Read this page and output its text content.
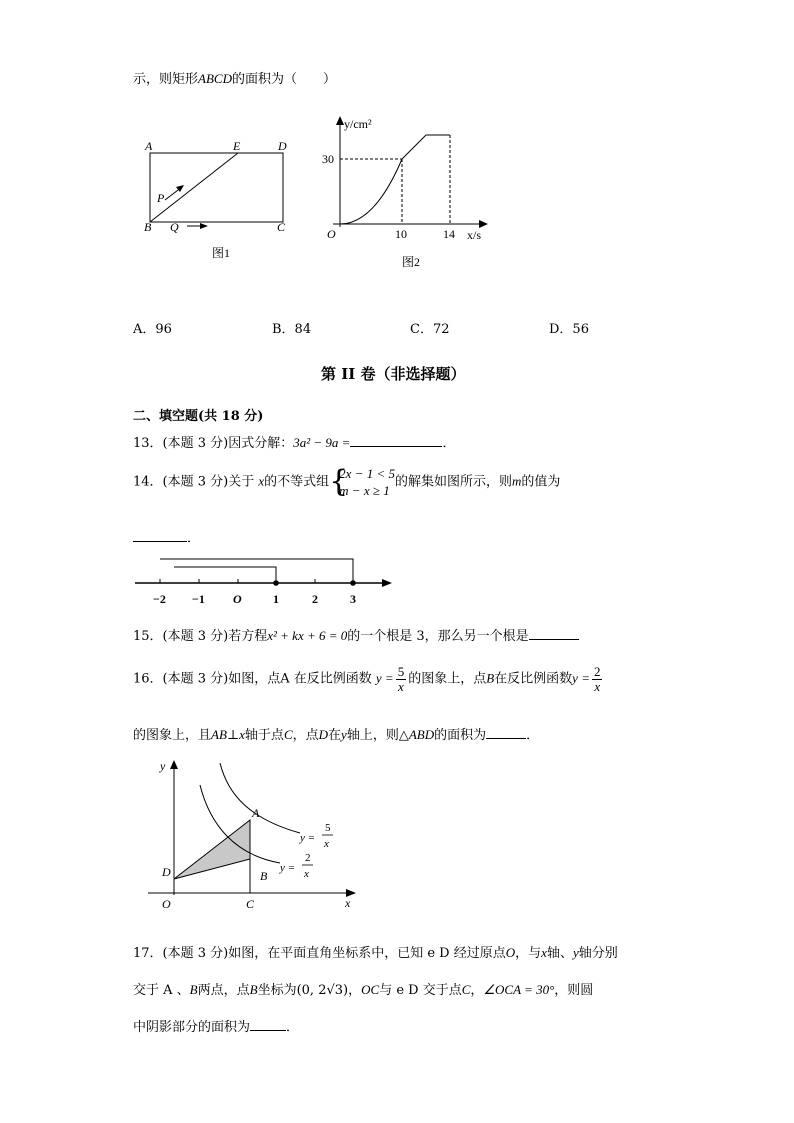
示，则矩形ABCD的面积为（　　）
A	E	D
P
B Q	C
图1
y/cm²
30
O	10	14 x/s
图2
A．96	B．84	C．72	D．56
第 II 卷（非选择题）
二、填空题(共 18 分)
13．(本题 3 分)因式分解：3a² − 9a =	．
14．(本题 3 分)关于 x的不等式组 {
2x − 1 < 5
m − x ≥ 1
的解集如图所示，则m的值为
．
−2 −1 O	1	2	3
15．(本题 3 分)若方程x² + kx + 6 = 0的一个根是 3，那么另一个根是
16．(本题 3 分)如图，点A 在反比例函数 $y = \frac{5}{x}$ 的图象上，点B在反比例函数$y = \frac{2}{x}$
的图象上，且AB⊥x轴于点C，点D在y轴上，则△ABD的面积为	．
y
x
O
A
B
C
D
y =
5
x
y =
2
x
17．(本题 3 分)如图，在平面直角坐标系中，已知 e D 经过原点O，与x轴、y轴分别
交于 A 、B两点，点B坐标为(0, 2√3)，OC与 e D 交于点C，∠OCA = 30°，则圆
中阴影部分的面积为	．
